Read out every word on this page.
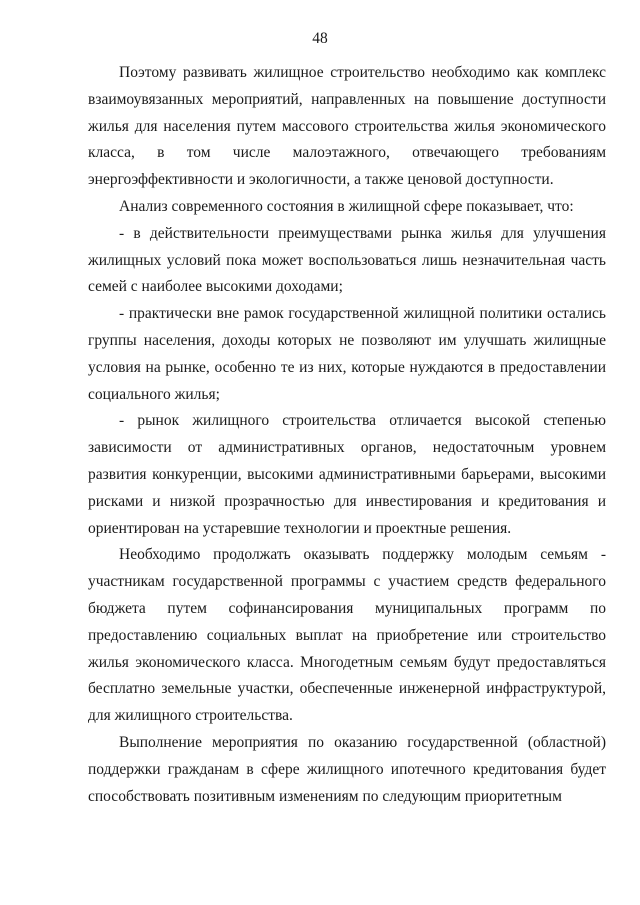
48

Поэтому развивать жилищное строительство необходимо как комплекс взаимоувязанных мероприятий, направленных на повышение доступности жилья для населения путем массового строительства жилья экономического класса, в том числе малоэтажного, отвечающего требованиям энергоэффективности и экологичности, а также ценовой доступности.

Анализ современного состояния в жилищной сфере показывает, что:

- в действительности преимуществами рынка жилья для улучшения жилищных условий пока может воспользоваться лишь незначительная часть семей с наиболее высокими доходами;

- практически вне рамок государственной жилищной политики остались группы населения, доходы которых не позволяют им улучшать жилищные условия на рынке, особенно те из них, которые нуждаются в предоставлении социального жилья;

- рынок жилищного строительства отличается высокой степенью зависимости от административных органов, недостаточным уровнем развития конкуренции, высокими административными барьерами, высокими рисками и низкой прозрачностью для инвестирования и кредитования и ориентирован на устаревшие технологии и проектные решения.

Необходимо продолжать оказывать поддержку молодым семьям - участникам государственной программы с участием средств федерального бюджета путем софинансирования муниципальных программ по предоставлению социальных выплат на приобретение или строительство жилья экономического класса. Многодетным семьям будут предоставляться бесплатно земельные участки, обеспеченные инженерной инфраструктурой, для жилищного строительства.

Выполнение мероприятия по оказанию государственной (областной) поддержки гражданам в сфере жилищного ипотечного кредитования будет способствовать позитивным изменениям по следующим приоритетным
